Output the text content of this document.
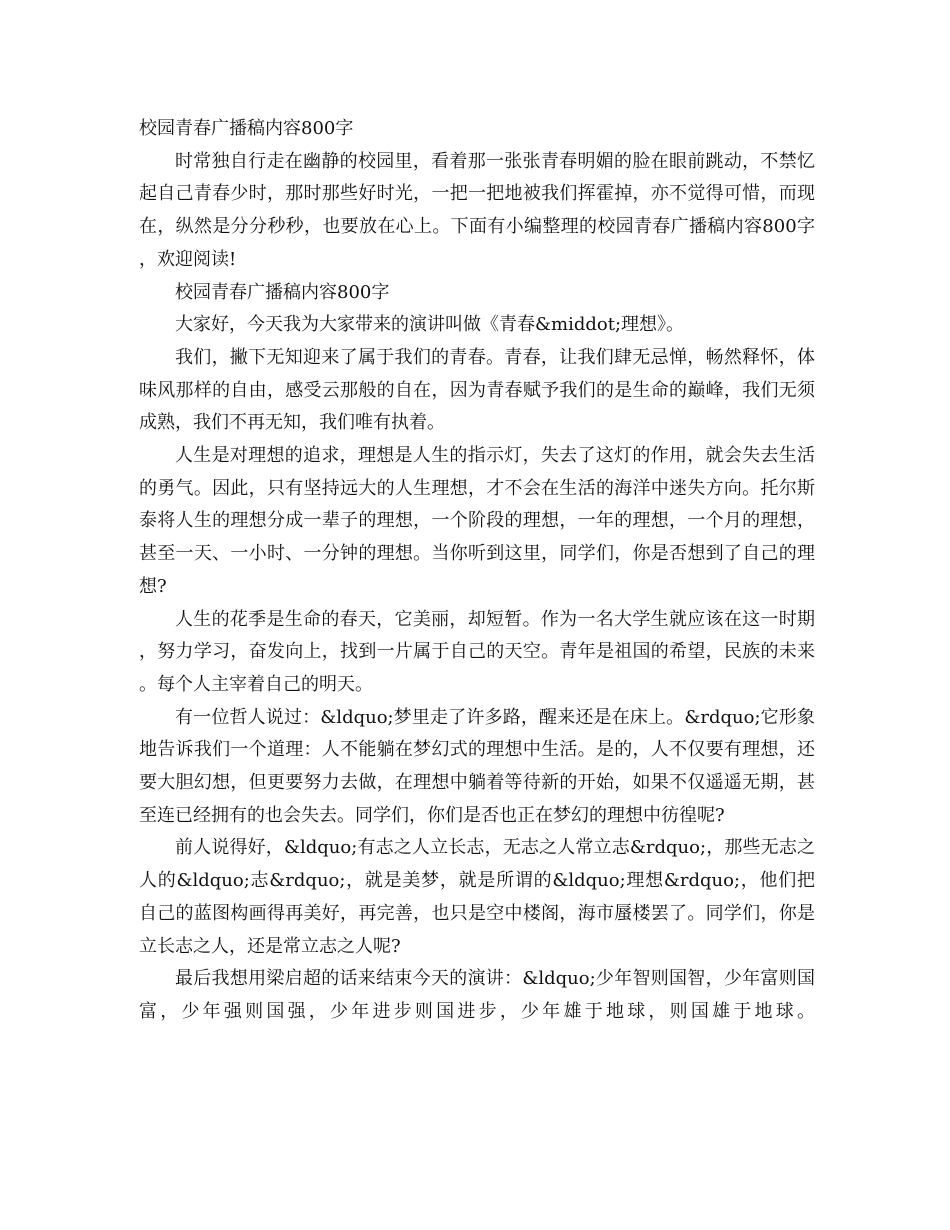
校园青春广播稿内容800字

时常独自行走在幽静的校园里，看着那一张张青春明媚的脸在眼前跳动，不禁忆起自己青春少时，那时那些好时光，一把一把地被我们挥霍掉，亦不觉得可惜，而现在，纵然是分分秒秒，也要放在心上。下面有小编整理的校园青春广播稿内容800字，欢迎阅读!

校园青春广播稿内容800字

大家好，今天我为大家带来的演讲叫做《青春&middot;理想》。

我们，撇下无知迎来了属于我们的青春。青春，让我们肆无忌惮，畅然释怀，体味风那样的自由，感受云那般的自在，因为青春赋予我们的是生命的巅峰，我们无须成熟，我们不再无知，我们唯有执着。

人生是对理想的追求，理想是人生的指示灯，失去了这灯的作用，就会失去生活的勇气。因此，只有坚持远大的人生理想，才不会在生活的海洋中迷失方向。托尔斯泰将人生的理想分成一辈子的理想，一个阶段的理想，一年的理想，一个月的理想，甚至一天、一小时、一分钟的理想。当你听到这里，同学们，你是否想到了自己的理想?

人生的花季是生命的春天，它美丽，却短暂。作为一名大学生就应该在这一时期，努力学习，奋发向上，找到一片属于自己的天空。青年是祖国的希望，民族的未来。每个人主宰着自己的明天。

有一位哲人说过：&ldquo;梦里走了许多路，醒来还是在床上。&rdquo;它形象地告诉我们一个道理：人不能躺在梦幻式的理想中生活。是的，人不仅要有理想，还要大胆幻想，但更要努力去做，在理想中躺着等待新的开始，如果不仅遥遥无期，甚至连已经拥有的也会失去。同学们，你们是否也正在梦幻的理想中彷徨呢?

前人说得好，&ldquo;有志之人立长志，无志之人常立志&rdquo;，那些无志之人的&ldquo;志&rdquo;，就是美梦，就是所谓的&ldquo;理想&rdquo;，他们把自己的蓝图构画得再美好，再完善，也只是空中楼阁，海市蜃楼罢了。同学们，你是立长志之人，还是常立志之人呢?

最后我想用梁启超的话来结束今天的演讲：&ldquo;少年智则国智，少年富则国富，少年强则国强，少年进步则国进步，少年雄于地球，则国雄于地球。
